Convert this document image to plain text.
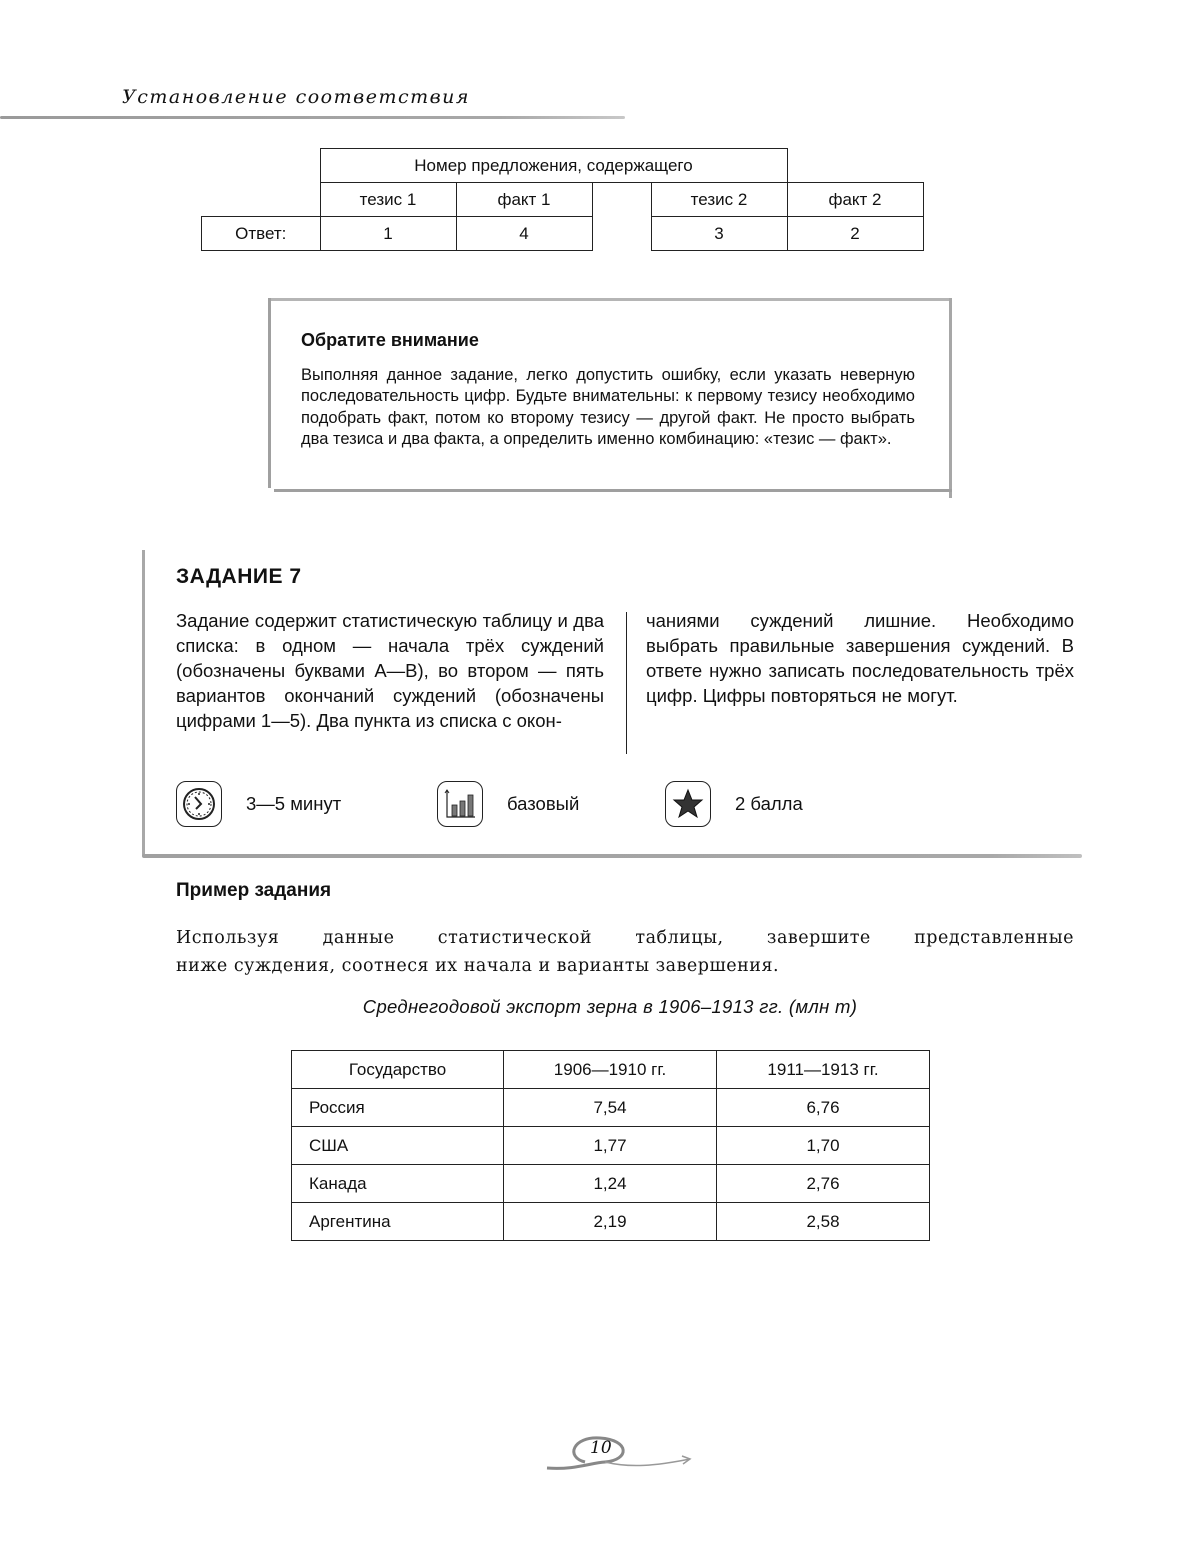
Установление соответствия
	Номер предложения, содержащего				
	тезис 1	факт 1		тезис 2	факт 2
Ответ:	1	4		3	2
Обратите внимание
Выполняя данное задание, легко допустить ошибку, если указать неверную последовательность цифр. Будьте внимательны: к первому тезису необходимо подобрать факт, потом ко второму тезису — другой факт. Не просто выбрать два тезиса и два факта, а определить именно комбинацию: «тезис — факт».
ЗАДАНИЕ 7
Задание содержит статистическую таблицу и два списка: в одном — начала трёх суждений (обозначены буквами А—В), во втором — пять вариантов окончаний суждений (обозначены цифрами 1—5). Два пункта из списка с окон-
чаниями суждений лишние. Необходимо выбрать правильные завершения суждений. В ответе нужно записать последовательность трёх цифр. Цифры повторяться не могут.
3—5 минут	базовый	2 балла
Пример задания
Используя данные статистической таблицы, завершите представленные
ниже суждения, соотнеся их начала и варианты завершения.
Среднегодовой экспорт зерна в 1906–1913 гг. (млн т)
Государство	1906—1910 гг.	1911—1913 гг.
Россия	7,54	6,76
США	1,77	1,70
Канада	1,24	2,76
Аргентина	2,19	2,58
10
